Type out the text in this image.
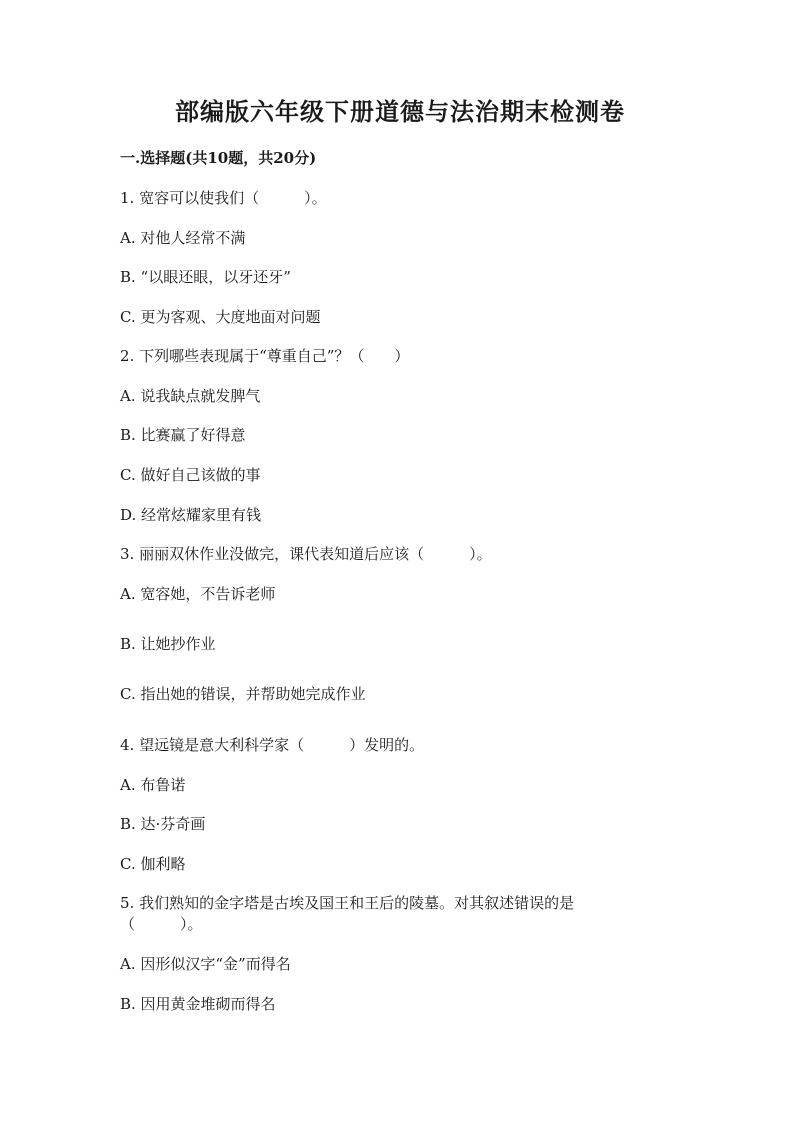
部编版六年级下册道德与法治期末检测卷
一.选择题(共10题，共20分)
1. 宽容可以使我们（　　　）。
A. 对他人经常不满
B. “以眼还眼，以牙还牙”
C. 更为客观、大度地面对问题
2. 下列哪些表现属于“尊重自己”？（　　）
A. 说我缺点就发脾气
B. 比赛赢了好得意
C. 做好自己该做的事
D. 经常炫耀家里有钱
3. 丽丽双休作业没做完，课代表知道后应该（　　　）。
A. 宽容她，不告诉老师
B. 让她抄作业
C. 指出她的错误，并帮助她完成作业
4. 望远镜是意大利科学家（　　　）发明的。
A. 布鲁诺
B. 达·芬奇画
C. 伽利略
5. 我们熟知的金字塔是古埃及国王和王后的陵墓。对其叙述错误的是
（　　　）。
A. 因形似汉字“金”而得名
B. 因用黄金堆砌而得名
